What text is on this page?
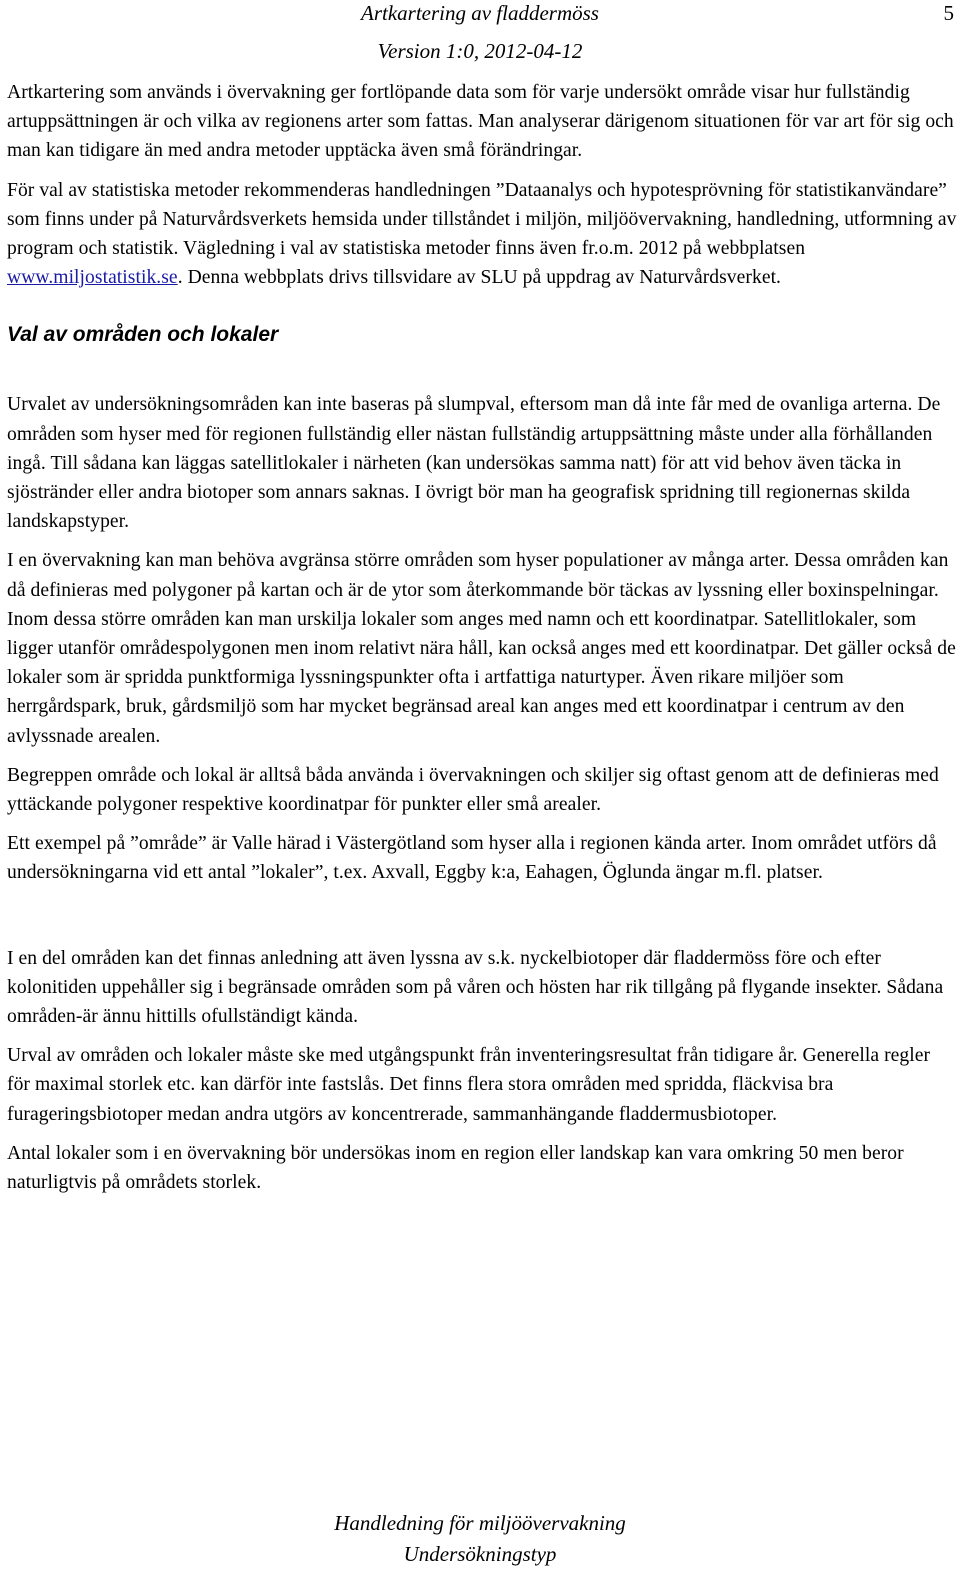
Artkartering av fladdermöss	5
Version 1:0, 2012-04-12

Artkartering som används i övervakning ger fortlöpande data som för varje undersökt område visar hur fullständig artuppsättningen är och vilka av regionens arter som fattas. Man analyserar därigenom situationen för var art för sig och man kan tidigare än med andra metoder upptäcka även små förändringar.

För val av statistiska metoder rekommenderas handledningen ”Dataanalys och hypotesprövning för statistikanvändare” som finns under på Naturvårdsverkets hemsida under tillståndet i miljön, miljöövervakning, handledning, utformning av program och statistik. Vägledning i val av statistiska metoder finns även fr.o.m. 2012 på webbplatsen www.miljostatistik.se. Denna webbplats drivs tillsvidare av SLU på uppdrag av Naturvårdsverket.

Val av områden och lokaler

Urvalet av undersökningsområden kan inte baseras på slumpval, eftersom man då inte får med de ovanliga arterna. De områden som hyser med för regionen fullständig eller nästan fullständig artuppsättning måste under alla förhållanden ingå. Till sådana kan läggas satellitlokaler i närheten (kan undersökas samma natt) för att vid behov även täcka in sjöstränder eller andra biotoper som annars saknas. I övrigt bör man ha geografisk spridning till regionernas skilda landskapstyper.

I en övervakning kan man behöva avgränsa större områden som hyser populationer av många arter. Dessa områden kan då definieras med polygoner på kartan och är de ytor som återkommande bör täckas av lyssning eller boxinspelningar. Inom dessa större områden kan man urskilja lokaler som anges med namn och ett koordinatpar. Satellitlokaler, som ligger utanför områdespolygonen men inom relativt nära håll, kan också anges med ett koordinatpar. Det gäller också de lokaler som är spridda punktformiga lyssningspunkter ofta i artfattiga naturtyper. Även rikare miljöer som herrgårdspark, bruk, gårdsmiljö som har mycket begränsad areal kan anges med ett koordinatpar i centrum av den avlyssnade arealen.

Begreppen område och lokal är alltså båda använda i övervakningen och skiljer sig oftast genom att de definieras med yttäckande polygoner respektive koordinatpar för punkter eller små arealer.

Ett exempel på ”område” är Valle härad i Västergötland som hyser alla i regionen kända arter. Inom området utförs då undersökningarna vid ett antal ”lokaler”, t.ex. Axvall, Eggby k:a, Eahagen, Öglunda ängar m.fl. platser.

I en del områden kan det finnas anledning att även lyssna av s.k. nyckelbiotoper där fladdermöss före och efter kolonitiden uppehåller sig i begränsade områden som på våren och hösten har rik tillgång på flygande insekter. Sådana områden-är ännu hittills ofullständigt kända.

Urval av områden och lokaler måste ske med utgångspunkt från inventeringsresultat från tidigare år. Generella regler för maximal storlek etc. kan därför inte fastslås. Det finns flera stora områden med spridda, fläckvisa bra furageringsbiotoper medan andra utgörs av koncentrerade, sammanhängande fladdermusbiotoper.

Antal lokaler som i en övervakning bör undersökas inom en region eller landskap kan vara omkring 50 men beror naturligtvis på områdets storlek.

Handledning för miljöövervakning
Undersökningstyp
